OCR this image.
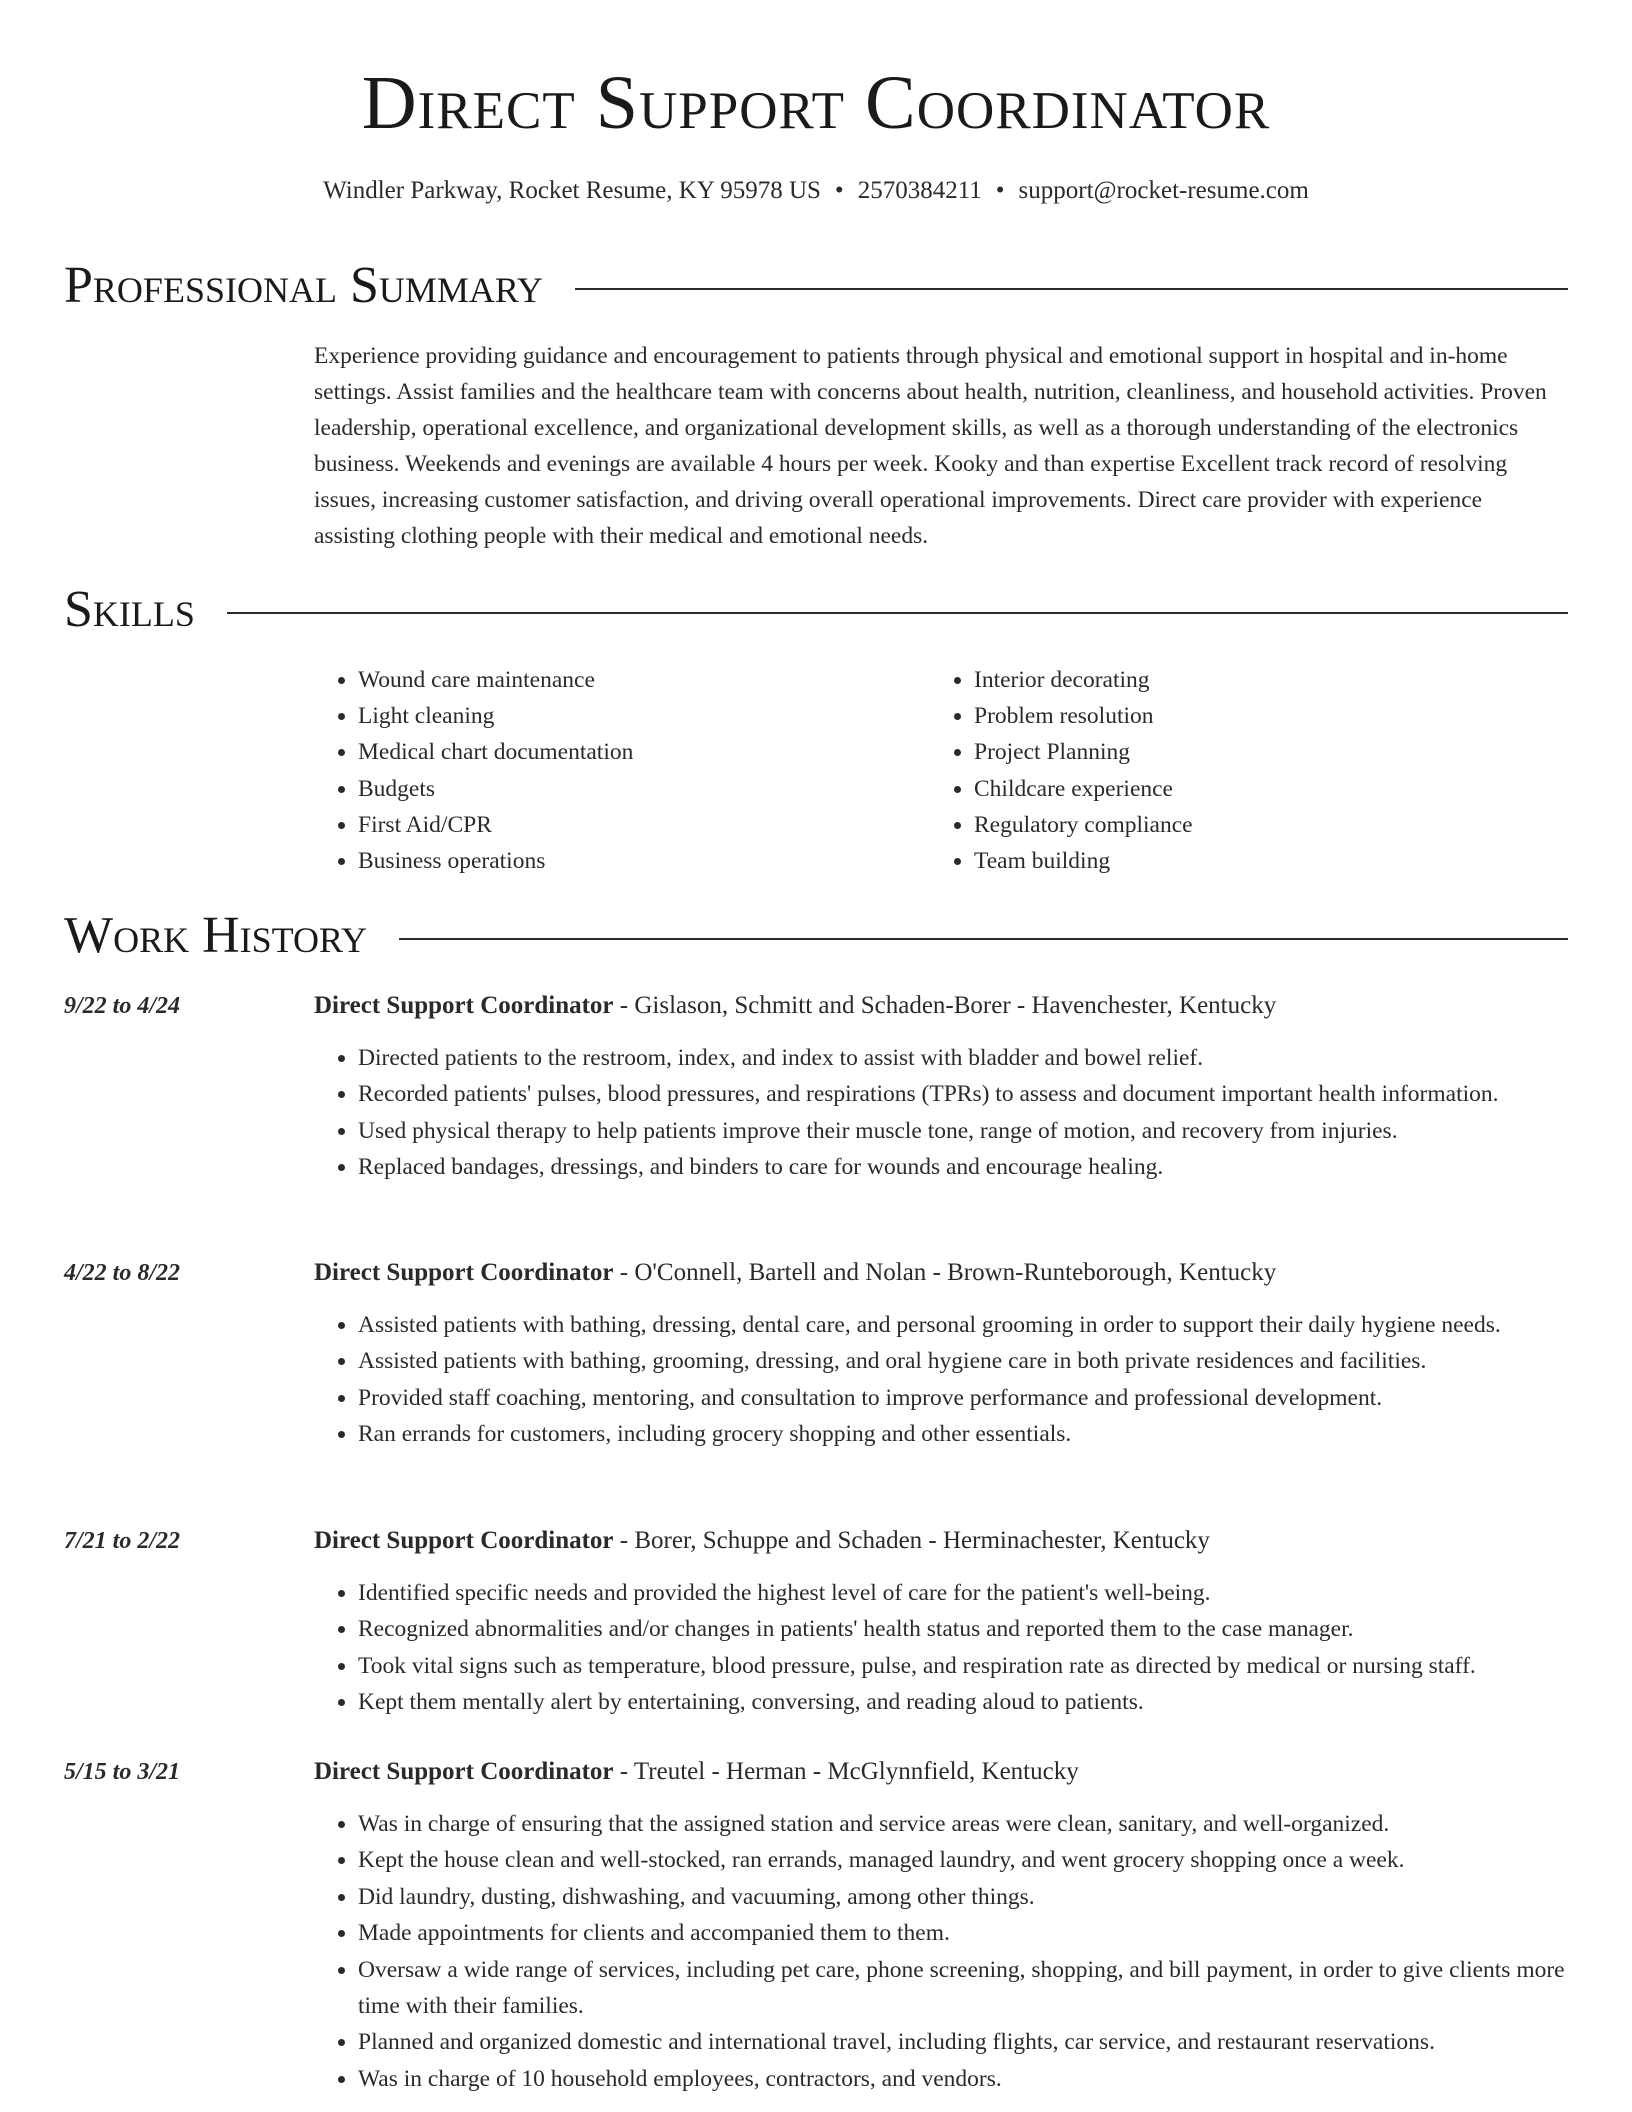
Direct Support Coordinator
Windler Parkway, Rocket Resume, KY 95978 US • 2570384211 • support@rocket-resume.com
Professional Summary

Experience providing guidance and encouragement to patients through physical and emotional support in hospital and in-home settings. Assist families and the healthcare team with concerns about health, nutrition, cleanliness, and household activities. Proven leadership, operational excellence, and organizational development skills, as well as a thorough understanding of the electronics business. Weekends and evenings are available 4 hours per week. Kooky and than expertise Excellent track record of resolving issues, increasing customer satisfaction, and driving overall operational improvements. Direct care provider with experience assisting clothing people with their medical and emotional needs.

Skills
• Wound care maintenance
• Light cleaning
• Medical chart documentation
• Budgets
• First Aid/CPR
• Business operations
• Interior decorating
• Problem resolution
• Project Planning
• Childcare experience
• Regulatory compliance
• Team building
Work History
9/22 to 4/24	Direct Support Coordinator - Gislason, Schmitt and Schaden-Borer - Havenchester, Kentucky
• Directed patients to the restroom, index, and index to assist with bladder and bowel relief.
• Recorded patients' pulses, blood pressures, and respirations (TPRs) to assess and document important health information.
• Used physical therapy to help patients improve their muscle tone, range of motion, and recovery from injuries.
• Replaced bandages, dressings, and binders to care for wounds and encourage healing.
4/22 to 8/22	Direct Support Coordinator - O'Connell, Bartell and Nolan - Brown-Runteborough, Kentucky
• Assisted patients with bathing, dressing, dental care, and personal grooming in order to support their daily hygiene needs.
• Assisted patients with bathing, grooming, dressing, and oral hygiene care in both private residences and facilities.
• Provided staff coaching, mentoring, and consultation to improve performance and professional development.
• Ran errands for customers, including grocery shopping and other essentials.
7/21 to 2/22	Direct Support Coordinator - Borer, Schuppe and Schaden - Herminachester, Kentucky
• Identified specific needs and provided the highest level of care for the patient's well-being.
• Recognized abnormalities and/or changes in patients' health status and reported them to the case manager.
• Took vital signs such as temperature, blood pressure, pulse, and respiration rate as directed by medical or nursing staff.
• Kept them mentally alert by entertaining, conversing, and reading aloud to patients.
5/15 to 3/21	Direct Support Coordinator - Treutel - Herman - McGlynnfield, Kentucky
• Was in charge of ensuring that the assigned station and service areas were clean, sanitary, and well-organized.
• Kept the house clean and well-stocked, ran errands, managed laundry, and went grocery shopping once a week.
• Did laundry, dusting, dishwashing, and vacuuming, among other things.
• Made appointments for clients and accompanied them to them.
• Oversaw a wide range of services, including pet care, phone screening, shopping, and bill payment, in order to give clients more time with their families.
• Planned and organized domestic and international travel, including flights, car service, and restaurant reservations.
• Was in charge of 10 household employees, contractors, and vendors.
